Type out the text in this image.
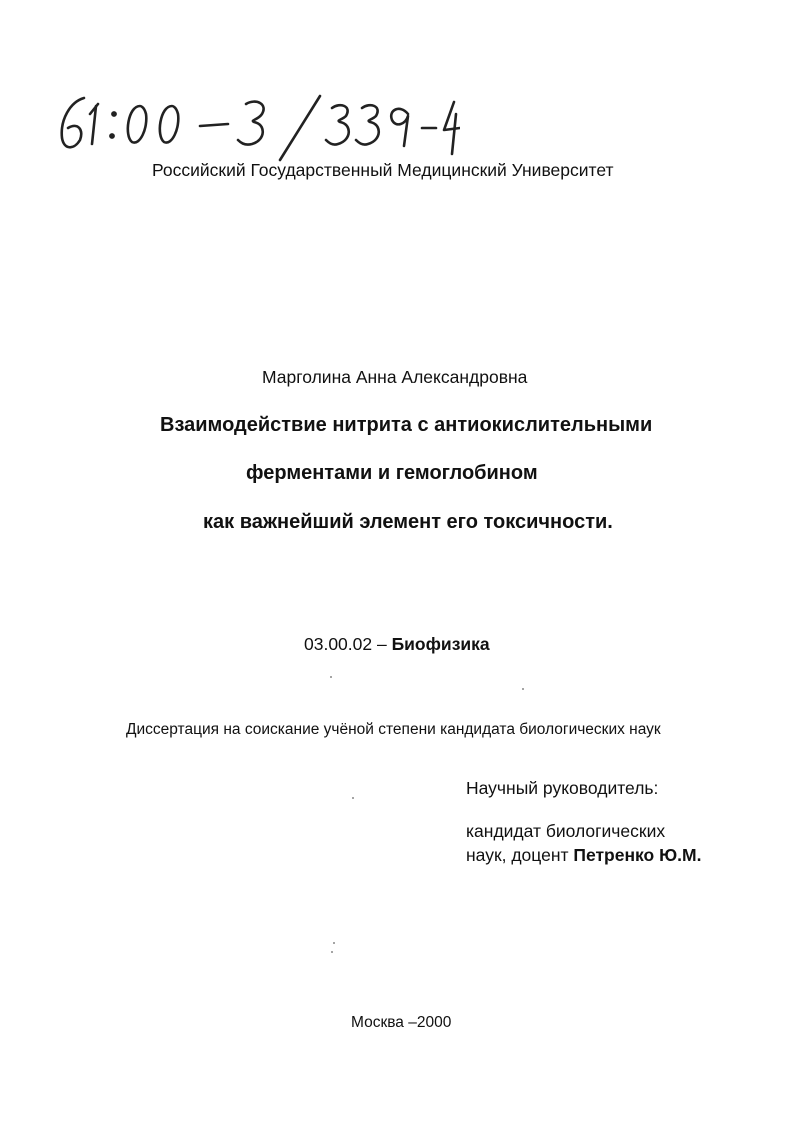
Российский Государственный Медицинский Университет
Марголина Анна Александровна
Взаимодействие нитрита с антиокислительными
ферментами и гемоглобином
как важнейший элемент его токсичности.
03.00.02 – Биофизика
Диссертация на соискание учёной степени кандидата биологических наук
Научный руководитель:
кандидат биологических
наук, доцент Петренко Ю.М.
Москва –2000
